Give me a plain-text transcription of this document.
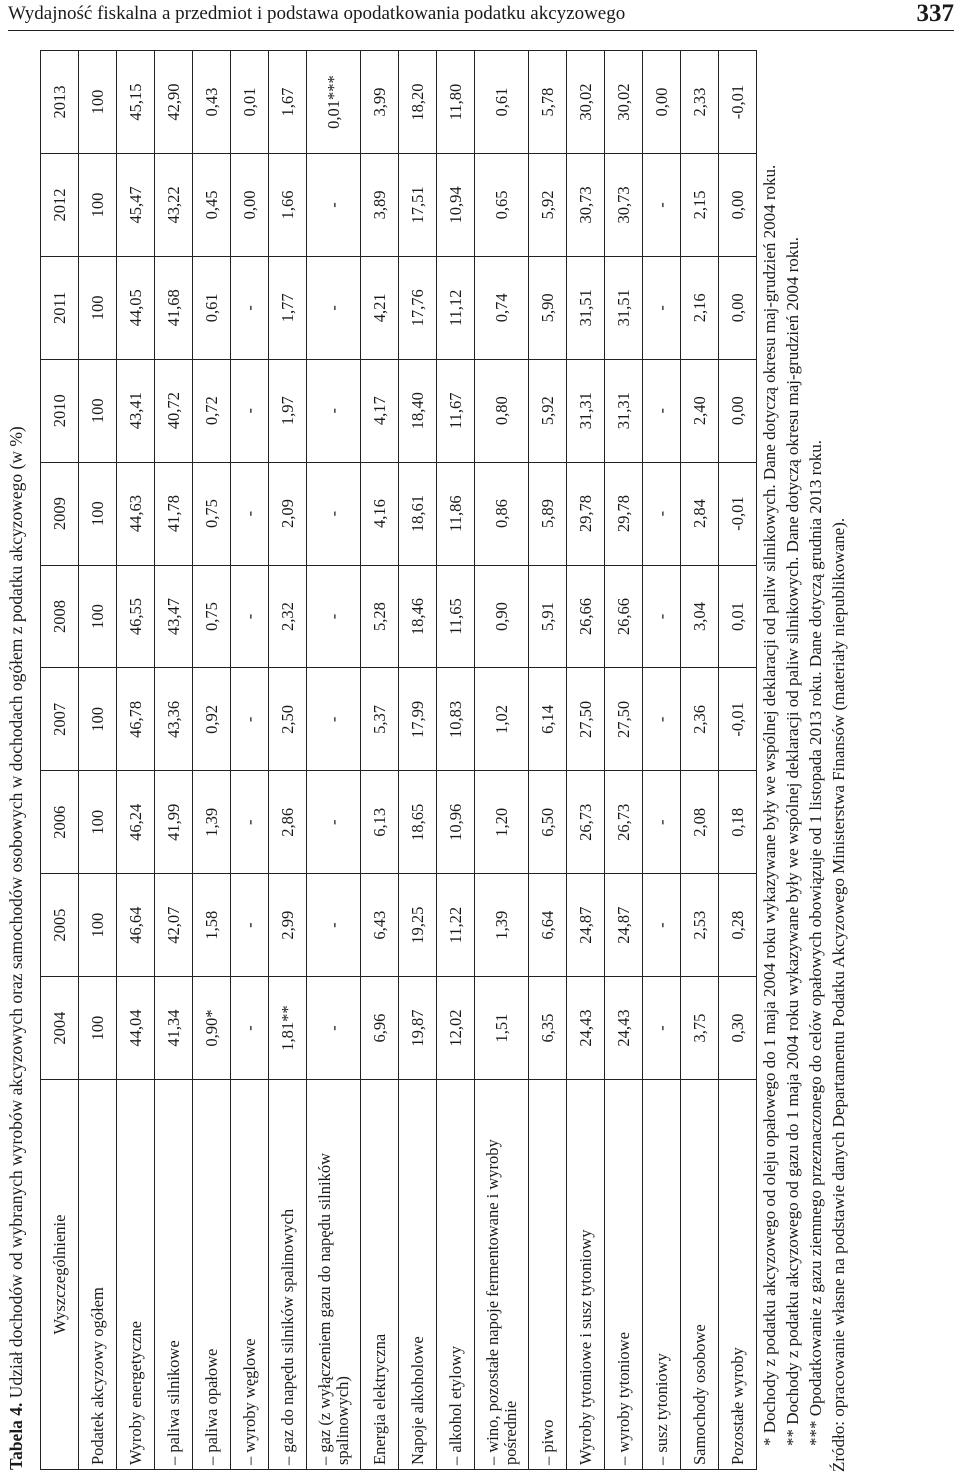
Wydajność fiskalna a przedmiot i podstawa opodatkowania podatku akcyzowego	337
Tabela 4. Udział dochodów od wybranych wyrobów akcyzowych oraz samochodów osobowych w dochodach ogółem z podatku akcyzowego (w %) Wyszczególnienie	2004	2005	2006	2007	2008	2009	2010	2011	2012	2013
Podatek akcyzowy ogółem	100	100	100	100	100	100	100	100	100	100
Wyroby energetyczne	44,04	46,64	46,24	46,78	46,55	44,63	43,41	44,05	45,47	45,15
– paliwa silnikowe	41,34	42,07	41,99	43,36	43,47	41,78	40,72	41,68	43,22	42,90
– paliwa opałowe	0,90*	1,58	1,39	0,92	0,75	0,75	0,72	0,61	0,45	0,43
– wyroby węglowe	-	-	-	-	-	-	-	-	0,00	0,01
– gaz do napędu silników spalinowych	1,81**	2,99	2,86	2,50	2,32	2,09	1,97	1,77	1,66	1,67
– gaz (z wyłączeniem gazu do napędu silników spalinowych)	-	-	-	-	-	-	-	-	-	0,01***
Energia elektryczna	6,96	6,43	6,13	5,37	5,28	4,16	4,17	4,21	3,89	3,99
Napoje alkoholowe	19,87	19,25	18,65	17,99	18,46	18,61	18,40	17,76	17,51	18,20
– alkohol etylowy	12,02	11,22	10,96	10,83	11,65	11,86	11,67	11,12	10,94	11,80
– wino, pozostałe napoje fermentowane i wyroby pośrednie	1,51	1,39	1,20	1,02	0,90	0,86	0,80	0,74	0,65	0,61
– piwo	6,35	6,64	6,50	6,14	5,91	5,89	5,92	5,90	5,92	5,78
Wyroby tytoniowe i susz tytoniowy	24,43	24,87	26,73	27,50	26,66	29,78	31,31	31,51	30,73	30,02
– wyroby tytoniowe	24,43	24,87	26,73	27,50	26,66	29,78	31,31	31,51	30,73	30,02
– susz tytoniowy	-	-	-	-	-	-	-	-	-	0,00
Samochody osobowe	3,75	2,53	2,08	2,36	3,04	2,84	2,40	2,16	2,15	2,33
Pozostałe wyroby	0,30	0,28	0,18	-0,01	0,01	-0,01	0,00	0,00	0,00	-0,01

* Dochody z podatku akcyzowego od oleju opałowego do 1 maja 2004 roku wykazywane były we wspólnej deklaracji od paliw silnikowych. Dane dotyczą okresu maj-grudzień 2004 roku. ** Dochody z podatku akcyzowego od gazu do 1 maja 2004 roku wykazywane były we wspólnej deklaracji od paliw silnikowych. Dane dotyczą okresu maj-grudzień 2004 roku. *** Opodatkowanie z gazu ziemnego przeznaczonego do celów opałowych obowiązuje od 1 listopada 2013 roku. Dane dotyczą grudnia 2013 roku. Źródło: opracowanie własne na podstawie danych Departamentu Podatku Akcyzowego Ministerstwa Finansów (materiały niepublikowane).
